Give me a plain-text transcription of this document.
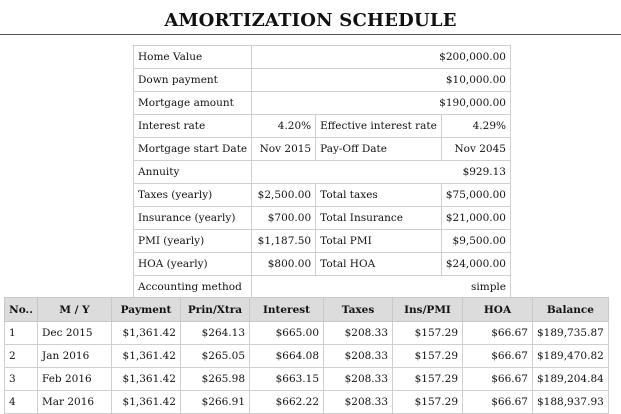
AMORTIZATION SCHEDULE
Home Value	$200,000.00		
Down payment	$10,000.00		
Mortgage amount	$190,000.00		
Interest rate	4.20%	Effective interest rate	4.29%
Mortgage start Date	Nov 2015	Pay-Off Date	Nov 2045
Annuity	$929.13		
Taxes (yearly)	$2,500.00	Total taxes	$75,000.00
Insurance (yearly)	$700.00	Total Insurance	$21,000.00
PMI (yearly)	$1,187.50	Total PMI	$9,500.00
HOA (yearly)	$800.00	Total HOA	$24,000.00
Accounting method	simple		
No..	M / Y	Payment	Prin/Xtra	Interest	Taxes	Ins/PMI	HOA	Balance
1	Dec 2015	$1,361.42	$264.13	$665.00	$208.33	$157.29	$66.67	$189,735.87
2	Jan 2016	$1,361.42	$265.05	$664.08	$208.33	$157.29	$66.67	$189,470.82
3	Feb 2016	$1,361.42	$265.98	$663.15	$208.33	$157.29	$66.67	$189,204.84
4	Mar 2016	$1,361.42	$266.91	$662.22	$208.33	$157.29	$66.67	$188,937.93
